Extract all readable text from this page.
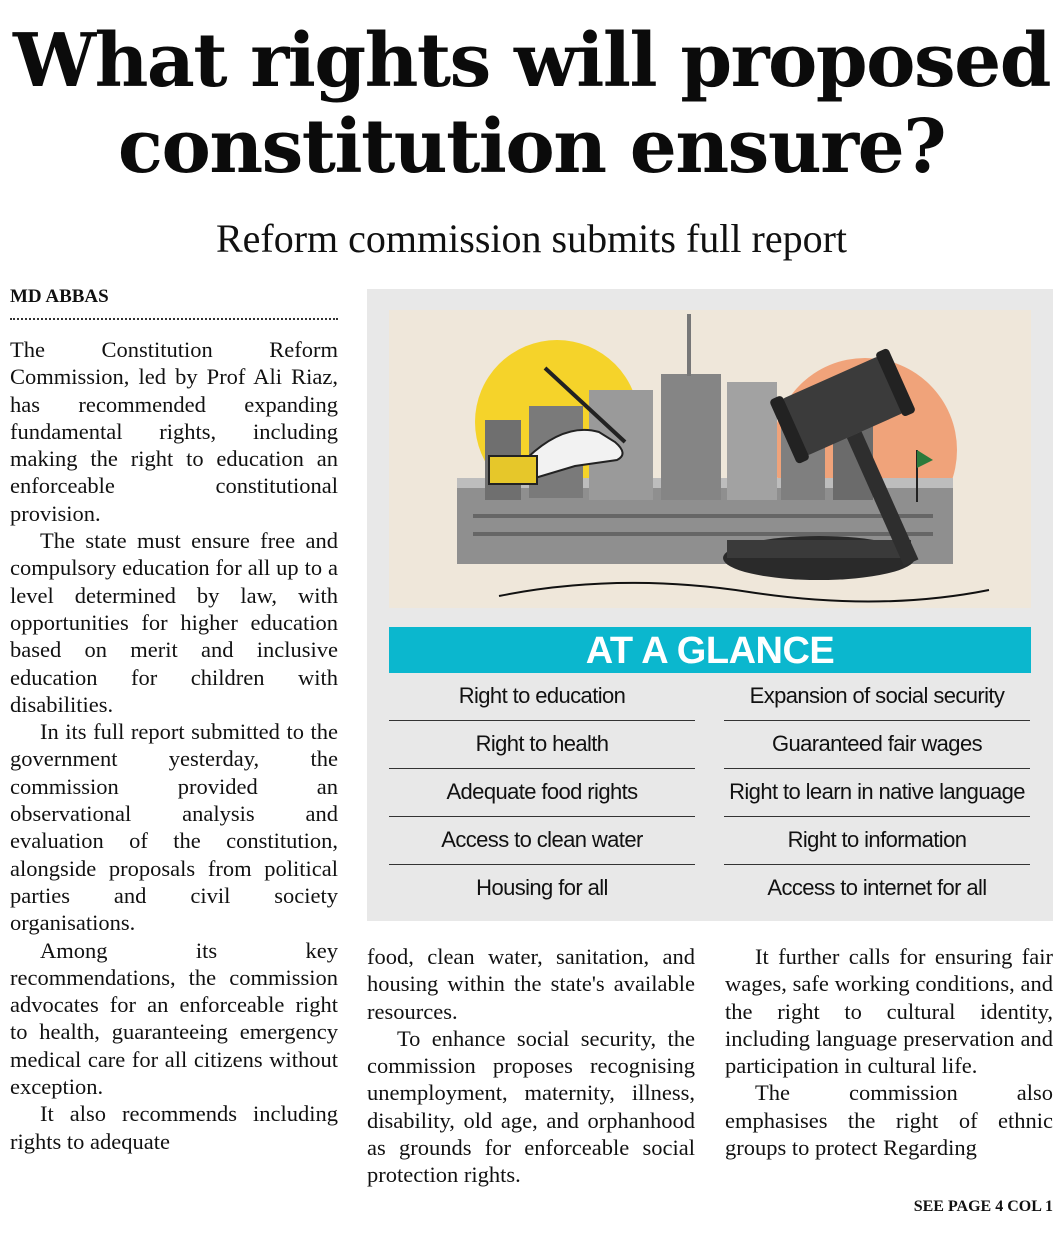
What rights will proposed
constitution ensure?
Reform commission submits full report
MD ABBAS

The Constitution Reform Commission, led by Prof Ali Riaz, has recommended expanding fundamental rights, including making the right to education an enforceable constitutional provision.

The state must ensure free and compulsory education for all up to a level determined by law, with opportunities for higher education based on merit and inclusive education for children with disabilities.

In its full report submitted to the government yesterday, the commission provided an observational analysis and evaluation of the constitution, alongside proposals from political parties and civil society organisations.

Among its key recommendations, the commission advocates for an enforceable right to health, guaranteeing emergency medical care for all citizens without exception.

It also recommends including rights to adequate

AT A GLANCE
Right to education
Right to health
Adequate food rights
Access to clean water
Housing for all
Expansion of social security
Guaranteed fair wages
Right to learn in native language
Right to information
Access to internet for all

food, clean water, sanitation, and housing within the state's available resources.

To enhance social security, the commission proposes recognising unemployment, maternity, illness, disability, old age, and orphanhood as grounds for enforceable social protection rights.

It further calls for ensuring fair wages, safe working conditions, and the right to cultural identity, including language preservation and participation in cultural life.

The commission also emphasises the right of ethnic groups to protect Regarding

SEE PAGE 4 COL 1
